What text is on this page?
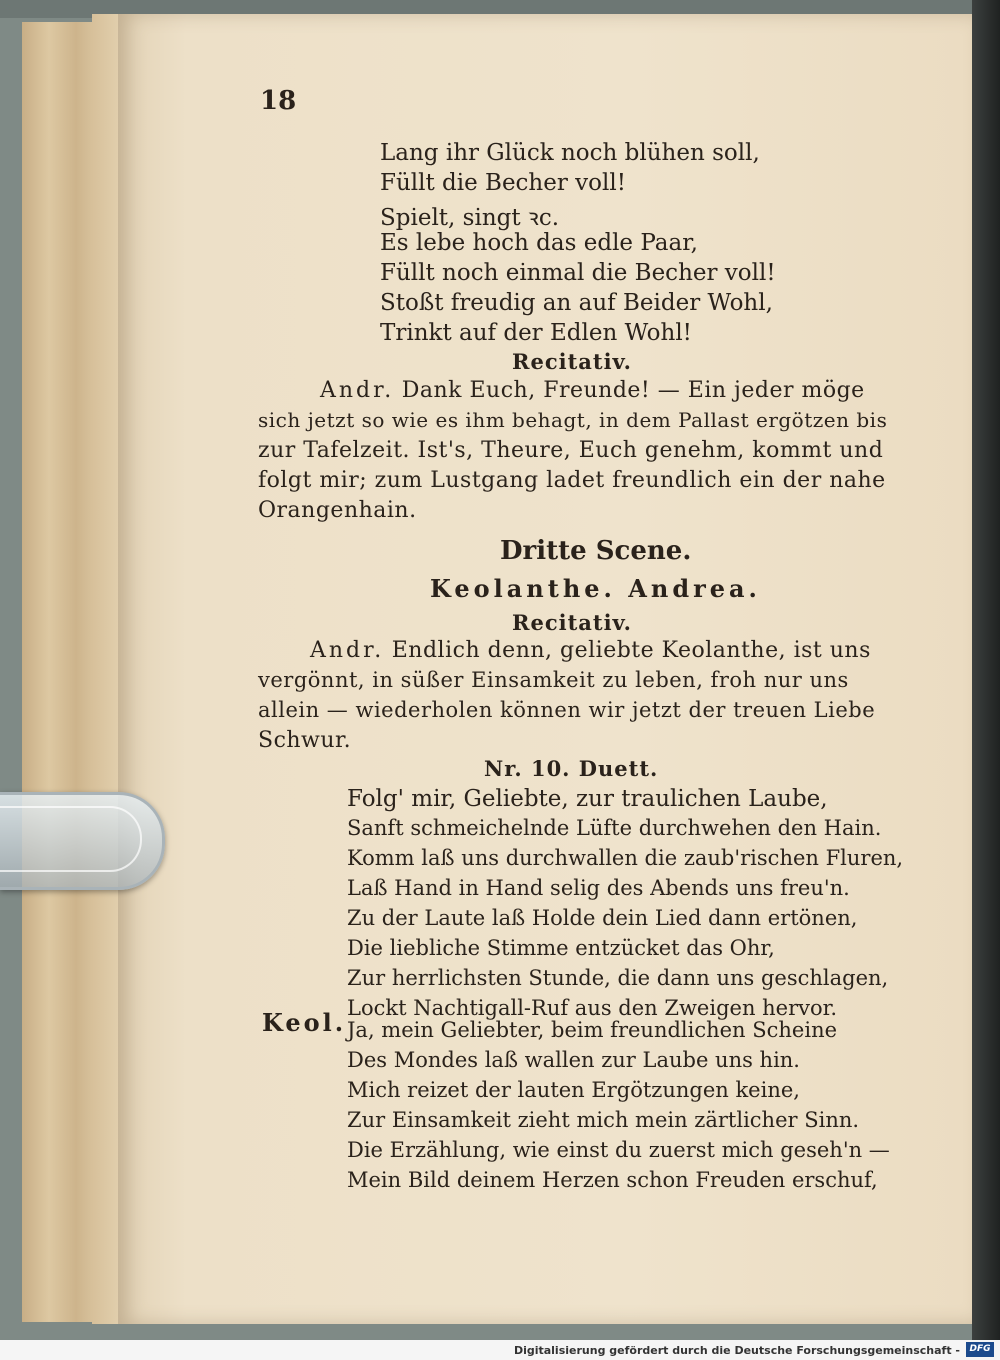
18
Lang ihr Glück noch blühen soll,
Füllt die Becher voll!
Spielt, singt ꝛc.
Es lebe hoch das edle Paar,
Füllt noch einmal die Becher voll!
Stoßt freudig an auf Beider Wohl,
Trinkt auf der Edlen Wohl!
Recitativ.
Andr. Dank Euch, Freunde! — Ein jeder möge
sich jetzt so wie es ihm behagt, in dem Pallast ergötzen bis
zur Tafelzeit. Ist's, Theure, Euch genehm, kommt und
folgt mir; zum Lustgang ladet freundlich ein der nahe
Orangenhain.
Dritte Scene.
Keolanthe. Andrea.
Recitativ.
Andr. Endlich denn, geliebte Keolanthe, ist uns
vergönnt, in süßer Einsamkeit zu leben, froh nur uns
allein — wiederholen können wir jetzt der treuen Liebe
Schwur.
Nr. 10. Duett.
Folg' mir, Geliebte, zur traulichen Laube,
Sanft schmeichelnde Lüfte durchwehen den Hain.
Komm laß uns durchwallen die zaub'rischen Fluren,
Laß Hand in Hand selig des Abends uns freu'n.
Zu der Laute laß Holde dein Lied dann ertönen,
Die liebliche Stimme entzücket das Ohr,
Zur herrlichsten Stunde, die dann uns geschlagen,
Lockt Nachtigall-Ruf aus den Zweigen hervor.
Keol. Ja, mein Geliebter, beim freundlichen Scheine
Des Mondes laß wallen zur Laube uns hin.
Mich reizet der lauten Ergötzungen keine,
Zur Einsamkeit zieht mich mein zärtlicher Sinn.
Die Erzählung, wie einst du zuerst mich geseh'n —
Mein Bild deinem Herzen schon Freuden erschuf,
Digitalisierung gefördert durch die Deutsche Forschungsgemeinschaft -	DFG
